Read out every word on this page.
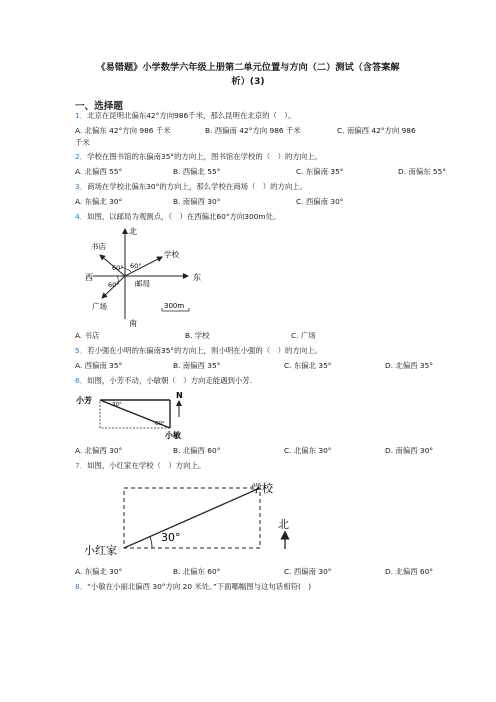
《易错题》小学数学六年级上册第二单元位置与方向（二）测试（含答案解
析）(3)
一、选择题
1．北京在昆明北偏东42°方向986千米，那么昆明在北京的（　）。
A. 北偏东 42°方向 986 千米	B. 西偏南 42°方向 986 千米	C. 南偏西 42°方向 986
千米
2．学校在图书馆的东偏南35°的方向上，图书馆在学校的（　）的方向上。
A. 北偏西 55°	B. 西偏北 55°	C. 东偏南 35°	D. 南偏东 55°
3．商场在学校北偏东30°的方向上，那么学校在商场（　）的方向上。
A. 东偏北 30°	B. 南偏西 30°	C. 西偏南 30°
4．如图，以邮局为观测点，（　）在西偏北60°方向300m处。
北
南
西	东
书店
学校
广场
邮局
60° 60°
60°
300m
A. 书店	B. 学校	C. 广场
5．若小强在小明的东偏南35°的方向上，则小明在小强的（　）的方向上。
A. 西偏南 35°	B. 南偏西 35°	C. 东偏北 35°	D. 北偏西 35°
6．如图，小芳不动，小敏朝（　）方向走能遇到小芳.
小芳
小敏
30°
60°
N
A. 北偏西 30°	B. 北偏西 60°	C. 北偏东 30°	D. 南偏西 30°
7．如图，小红家在学校（　）方向上。
学校
小红家
30°
北
A. 东偏北 30°	B. 北偏东 60°	C. 西偏南 30°	D. 北偏西 60°
8．“小敏在小丽北偏西 30°方向 20 米处。”下面哪幅图与这句话相符(　)
